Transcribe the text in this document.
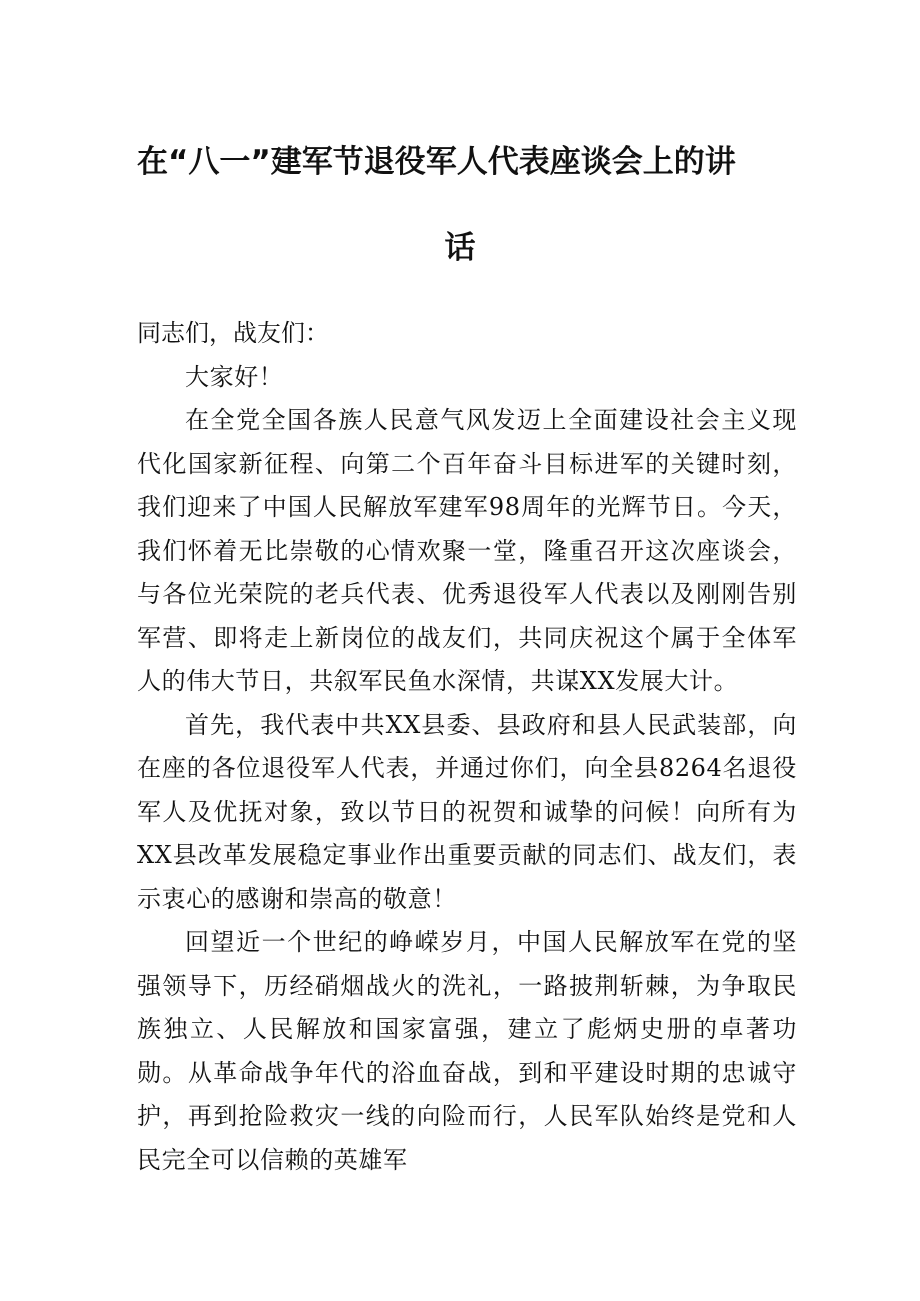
在“八一”建军节退役军人代表座谈会上的讲
话

同志们，战友们：

大家好！

在全党全国各族人民意气风发迈上全面建设社会主义现代化国家新征程、向第二个百年奋斗目标进军的关键时刻，我们迎来了中国人民解放军建军98周年的光辉节日。今天，我们怀着无比崇敬的心情欢聚一堂，隆重召开这次座谈会，与各位光荣院的老兵代表、优秀退役军人代表以及刚刚告别军营、即将走上新岗位的战友们，共同庆祝这个属于全体军人的伟大节日，共叙军民鱼水深情，共谋XX发展大计。

首先，我代表中共XX县委、县政府和县人民武装部，向在座的各位退役军人代表，并通过你们，向全县8264名退役军人及优抚对象，致以节日的祝贺和诚挚的问候！向所有为XX县改革发展稳定事业作出重要贡献的同志们、战友们，表示衷心的感谢和崇高的敬意！

回望近一个世纪的峥嵘岁月，中国人民解放军在党的坚强领导下，历经硝烟战火的洗礼，一路披荆斩棘，为争取民族独立、人民解放和国家富强，建立了彪炳史册的卓著功勋。从革命战争年代的浴血奋战，到和平建设时期的忠诚守护，再到抢险救灾一线的向险而行，人民军队始终是党和人民完全可以信赖的英雄军
